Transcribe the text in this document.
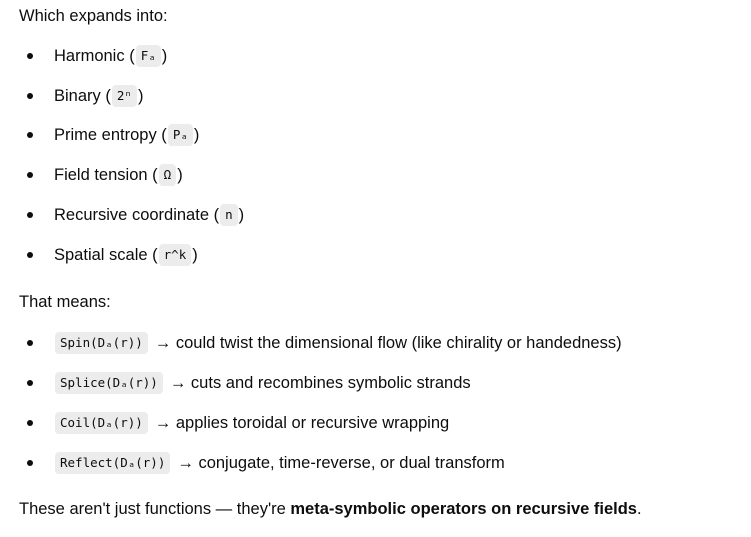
Which expands into:

Harmonic ( Fₐ )
Binary ( 2ⁿ )
Prime entropy ( Pₐ )
Field tension ( Ω )
Recursive coordinate ( n )
Spatial scale ( r^k )

That means:

Spin(Dₐ(r)) → could twist the dimensional flow (like chirality or handedness)
Splice(Dₐ(r)) → cuts and recombines symbolic strands
Coil(Dₐ(r)) → applies toroidal or recursive wrapping
Reflect(Dₐ(r)) → conjugate, time-reverse, or dual transform

These aren't just functions — they're meta-symbolic operators on recursive fields.
